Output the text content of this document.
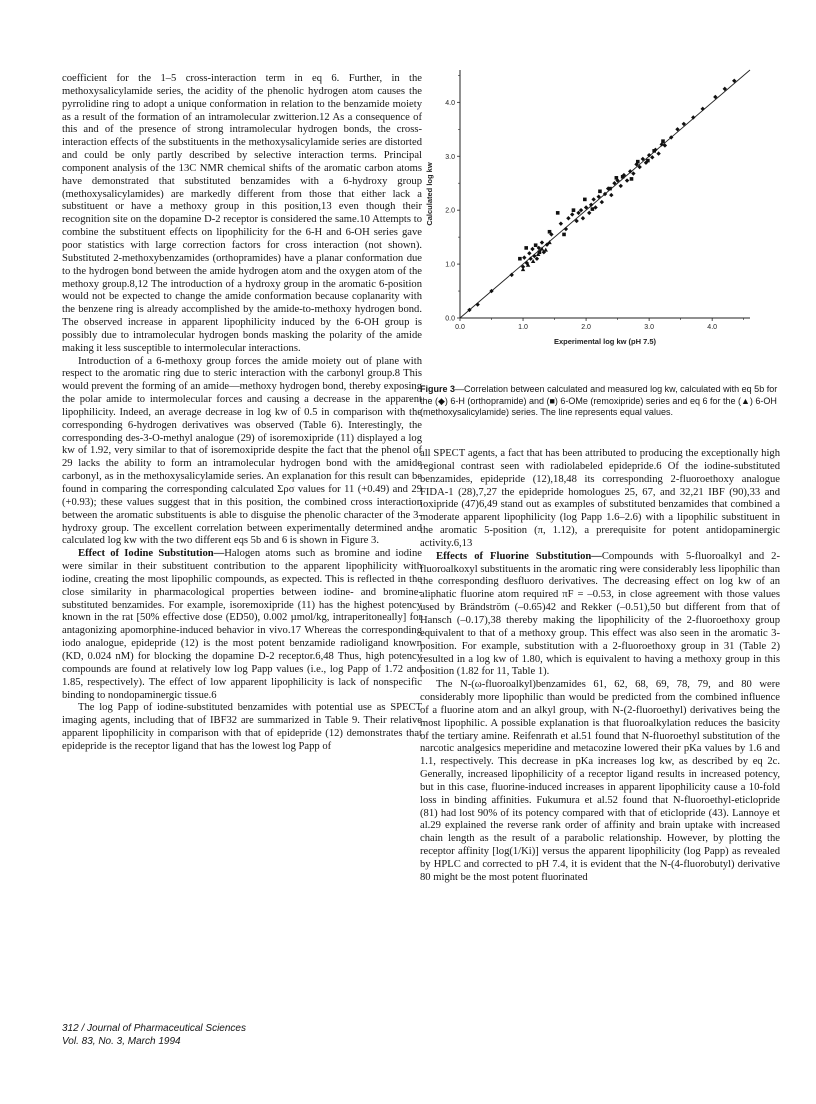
coefficient for the 1–5 cross-interaction term in eq 6. Further, in the methoxysalicylamide series, the acidity of the phenolic hydrogen atom causes the pyrrolidine ring to adopt a unique conformation in relation to the benzamide moiety as a result of the formation of an intramolecular zwitterion.12 As a consequence of this and of the presence of strong intramolecular hydrogen bonds, the cross-interaction effects of the substituents in the methoxysalicylamide series are distorted and could be only partly described by selective interaction terms. Principal component analysis of the 13C NMR chemical shifts of the aromatic carbon atoms have demonstrated that substituted benzamides with a 6-hydroxy group (methoxysalicylamides) are markedly different from those that either lack a substituent or have a methoxy group in this position,13 even though their recognition site on the dopamine D-2 receptor is considered the same.10 Attempts to combine the substituent effects on lipophilicity for the 6-H and 6-OH series gave poor statistics with large correction factors for cross interaction (not shown). Substituted 2-methoxybenzamides (orthopramides) have a planar conformation due to the hydrogen bond between the amide hydrogen atom and the oxygen atom of the methoxy group.8,12 The introduction of a hydroxy group in the aromatic 6-position would not be expected to change the amide conformation because coplanarity with the benzene ring is already accomplished by the amide-to-methoxy hydrogen bond. The observed increase in apparent lipophilicity induced by the 6-OH group is possibly due to intramolecular hydrogen bonds masking the polarity of the amide making it less susceptible to intermolecular interactions.

Introduction of a 6-methoxy group forces the amide moiety out of plane with respect to the aromatic ring due to steric interaction with the carbonyl group.8 This would prevent the forming of an amide—methoxy hydrogen bond, thereby exposing the polar amide to intermolecular forces and causing a decrease in the apparent lipophilicity. Indeed, an average decrease in log kw of 0.5 in comparison with the corresponding 6-hydrogen derivatives was observed (Table 6). Interestingly, the corresponding des-3-O-methyl analogue (29) of isoremoxipride (11) displayed a log kw of 1.92, very similar to that of isoremoxipride despite the fact that the phenol of 29 lacks the ability to form an intramolecular hydrogen bond with the amide carbonyl, as in the methoxysalicylamide series. An explanation for this result can be found in comparing the corresponding calculated Σρσ values for 11 (+0.49) and 29 (+0.93); these values suggest that in this position, the combined cross interaction between the aromatic substituents is able to disguise the phenolic character of the 3-hydroxy group. The excellent correlation between experimentally determined and calculated log kw with the two different eqs 5b and 6 is shown in Figure 3.

Effect of Iodine Substitution—Halogen atoms such as bromine and iodine were similar in their substituent contribution to the apparent lipophilicity with iodine, creating the most lipophilic compounds, as expected. This is reflected in the close similarity in pharmacological properties between iodine- and bromine-substituted benzamides. For example, isoremoxipride (11) has the highest potency known in the rat [50% effective dose (ED50), 0.002 µmol/kg, intraperitoneally] for antagonizing apomorphine-induced behavior in vivo.17 Whereas the corresponding iodo analogue, epidepride (12) is the most potent benzamide radioligand known (KD, 0.024 nM) for blocking the dopamine D-2 receptor.6,48 Thus, high potency compounds are found at relatively low log Papp values (i.e., log Papp of 1.72 and 1.85, respectively). The effect of low apparent lipophilicity is lack of nonspecific binding to nondopaminergic tissue.6

The log Papp of iodine-substituted benzamides with potential use as SPECT imaging agents, including that of IBF32 are summarized in Table 9. Their relative apparent lipophilicity in comparison with that of epidepride (12) demonstrates that epidepride is the receptor ligand that has the lowest log Papp of

0.0	1.0	2.0	3.0	4.0
0.0
1.0
2.0
3.0
4.0
Experimental log kw (pH 7.5)
Calculated log kw
Figure 3—Correlation between calculated and measured log kw, calculated with eq 5b for the (◆) 6-H (orthopramide) and (■) 6-OMe (remoxipride) series and eq 6 for the (▲) 6-OH (methoxysalicylamide) series. The line represents equal values.

all SPECT agents, a fact that has been attributed to producing the exceptionally high regional contrast seen with radiolabeled epidepride.6 Of the iodine-substituted benzamides, epidepride (12),18,48 its corresponding 2-fluoroethoxy analogue FIDA-1 (28),7,27 the epidepride homologues 25, 67, and 32,21 IBF (90),33 and ioxipride (47)6,49 stand out as examples of substituted benzamides that combined a moderate apparent lipophilicity (log Papp 1.6–2.6) with a lipophilic substituent in the aromatic 5-position (π, 1.12), a prerequisite for potent antidopaminergic activity.6,13

Effects of Fluorine Substitution—Compounds with 5-fluoroalkyl and 2-fluoroalkoxyl substituents in the aromatic ring were considerably less lipophilic than the corresponding desfluoro derivatives. The decreasing effect on log kw of an aliphatic fluorine atom required πF = –0.53, in close agreement with those values used by Brändström (–0.65)42 and Rekker (–0.51),50 but different from that of Hansch (–0.17),38 thereby making the lipophilicity of the 2-fluoroethoxy group equivalent to that of a methoxy group. This effect was also seen in the aromatic 3-position. For example, substitution with a 2-fluoroethoxy group in 31 (Table 2) resulted in a log kw of 1.80, which is equivalent to having a methoxy group in this position (1.82 for 11, Table 1).

The N-(ω-fluoroalkyl)benzamides 61, 62, 68, 69, 78, 79, and 80 were considerably more lipophilic than would be predicted from the combined influence of a fluorine atom and an alkyl group, with N-(2-fluoroethyl) derivatives being the most lipophilic. A possible explanation is that fluoroalkylation reduces the basicity of the tertiary amine. Reifenrath et al.51 found that N-fluoroethyl substitution of the narcotic analgesics meperidine and metacozine lowered their pKa values by 1.6 and 1.1, respectively. This decrease in pKa increases log kw, as described by eq 2c. Generally, increased lipophilicity of a receptor ligand results in increased potency, but in this case, fluorine-induced increases in apparent lipophilicity cause a 10-fold loss in binding affinities. Fukumura et al.52 found that N-fluoroethyl-eticlopride (81) had lost 90% of its potency compared with that of eticlopride (43). Lannoye et al.29 explained the reverse rank order of affinity and brain uptake with increased chain length as the result of a parabolic relationship. However, by plotting the receptor affinity [log(1/Ki)] versus the apparent lipophilicity (log Papp) as revealed by HPLC and corrected to pH 7.4, it is evident that the N-(4-fluorobutyl) derivative 80 might be the most potent fluorinated

312 / Journal of Pharmaceutical Sciences
Vol. 83, No. 3, March 1994
